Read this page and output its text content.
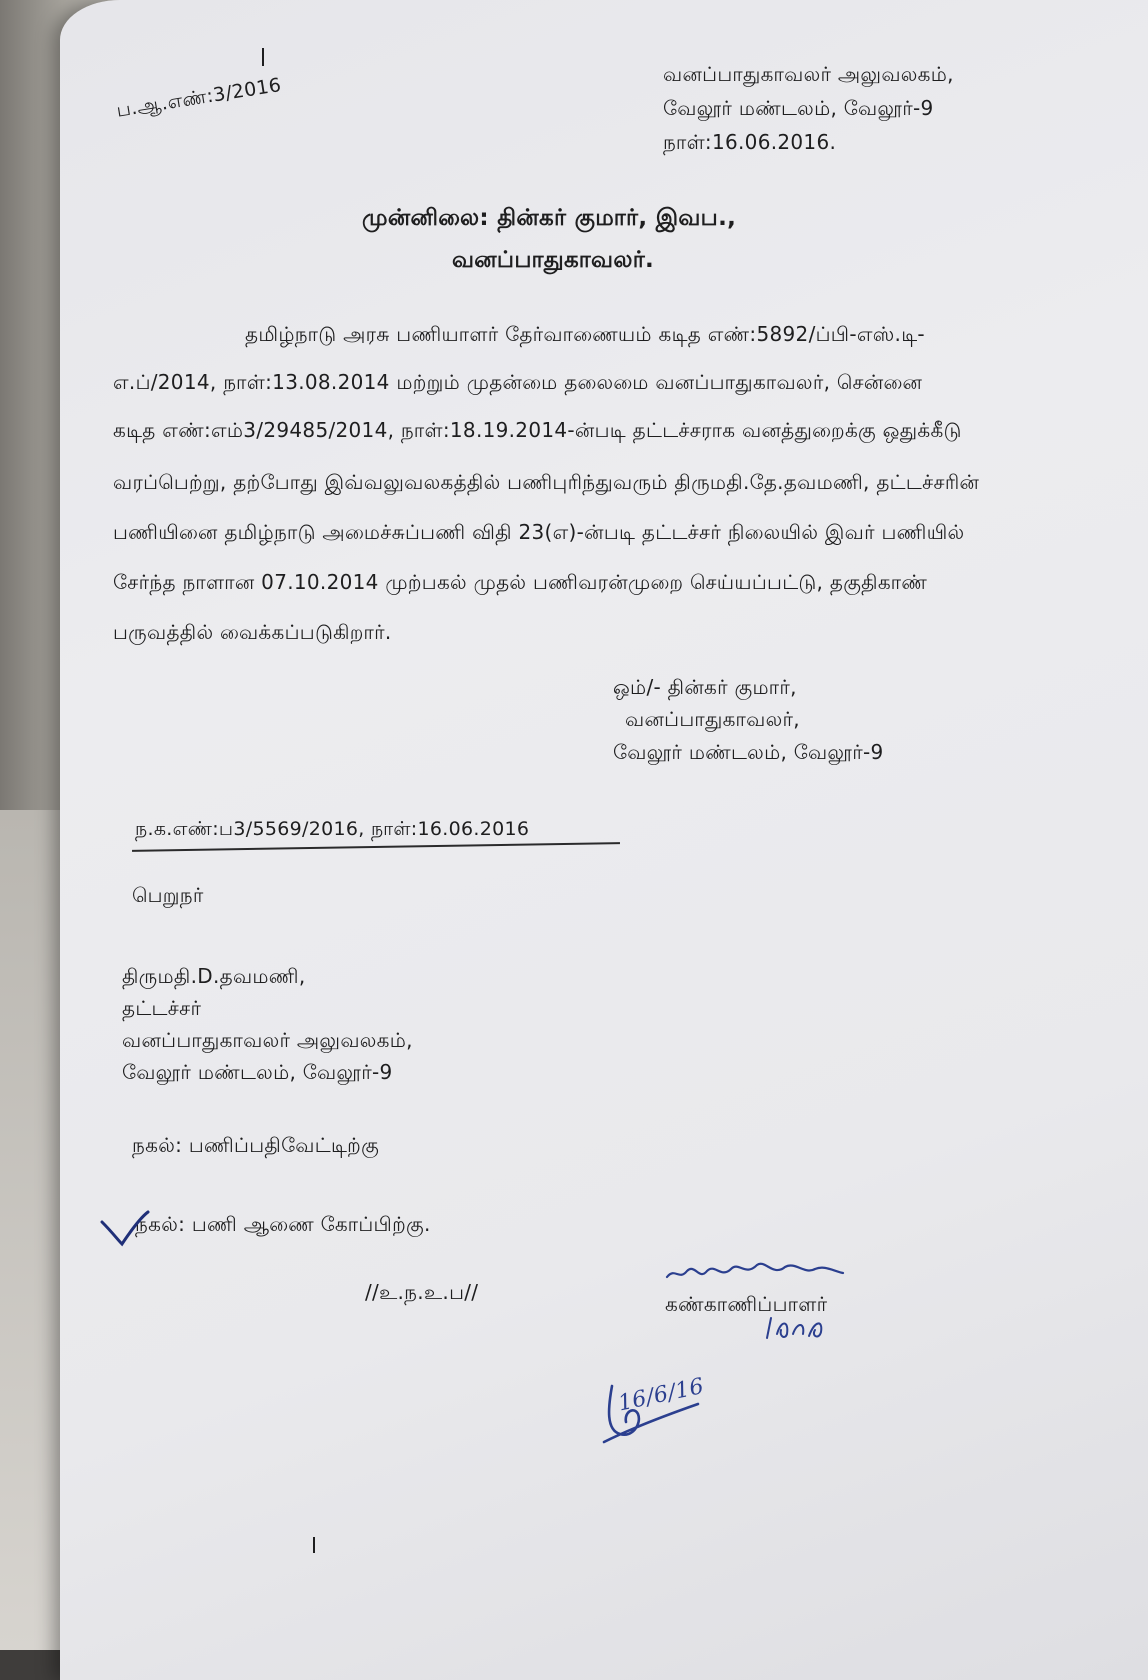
ப.ஆ.எண்:3/2016	வனப்பாதுகாவலர் அலுவலகம்,
வேலூர் மண்டலம், வேலூர்-9
நாள்:16.06.2016.
முன்னிலை: தின்கர் குமார், இவப.,
வனப்பாதுகாவலர்.
தமிழ்நாடு அரசு பணியாளர் தேர்வாணையம் கடித எண்:5892/ப்பி-எஸ்.டி-
எ.ப்/2014, நாள்:13.08.2014 மற்றும் முதன்மை தலைமை வனப்பாதுகாவலர், சென்னை
கடித எண்:எம்3/29485/2014, நாள்:18.19.2014-ன்படி தட்டச்சராக வனத்துறைக்கு ஒதுக்கீடு
வரப்பெற்று, தற்போது இவ்வலுவலகத்தில் பணிபுரிந்துவரும் திருமதி.தே.தவமணி, தட்டச்சரின்
பணியினை தமிழ்நாடு அமைச்சுப்பணி விதி 23(எ)-ன்படி தட்டச்சர் நிலையில் இவர் பணியில்
சேர்ந்த நாளான 07.10.2014 முற்பகல் முதல் பணிவரன்முறை செய்யப்பட்டு, தகுதிகாண்
பருவத்தில் வைக்கப்படுகிறார்.
ஒம்/- தின்கர் குமார்,
வனப்பாதுகாவலர்,
வேலூர் மண்டலம், வேலூர்-9
ந.க.எண்:ப3/5569/2016, நாள்:16.06.2016
பெறுநர்
திருமதி.D.தவமணி,
தட்டச்சர்
வனப்பாதுகாவலர் அலுவலகம்,
வேலூர் மண்டலம், வேலூர்-9
நகல்: பணிப்பதிவேட்டிற்கு
நகல்: பணி ஆணை கோப்பிற்கு.
//உ.ந.உ.ப//	கண்காணிப்பாளர்
16/6/16
